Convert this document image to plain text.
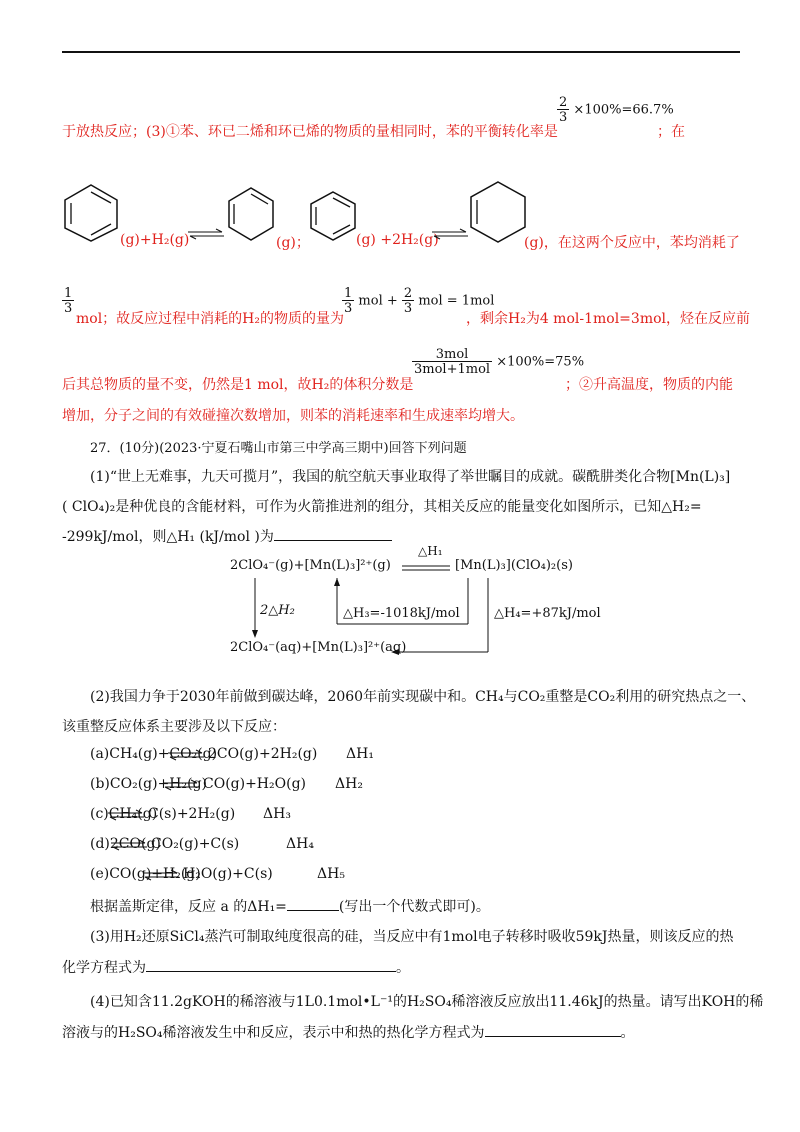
于放热反应；(3)①苯、环已二烯和环已烯的物质的量相同时，苯的平衡转化率是
$\frac{2}{3} \times 100\%=66.7\%$
；在
(g)+H₂(g)	(g)；	(g) +2H₂(g)	(g)，在这两个反应中，苯均消耗了
$\frac{1}{3}$
mol；故反应过程中消耗的H₂的物质的量为
$\frac{1}{3}$ mol + $\frac{2}{3}$ mol = 1mol
，剩余H₂为4 mol-1mol=3mol，烃在反应前
后其总物质的量不变，仍然是1 mol，故H₂的体积分数是
$\frac{\text{3mol}}{\text{3mol+1mol}} \times 100\%=75\%$
；②升高温度，物质的内能
增加，分子之间的有效碰撞次数增加，则苯的消耗速率和生成速率均增大。
27．(10分)(2023·宁夏石嘴山市第三中学高三期中)回答下列问题
(1)“世上无难事，九天可揽月”，我国的航空航天事业取得了举世瞩目的成就。碳酰肼类化合物[Mn(L)₃]
( ClO₄)₂是种优良的含能材料，可作为火箭推进剂的组分，其相关反应的能量变化如图所示，已知△H₂=
-299kJ/mol，则△H₁ (kJ/mol )为
2ClO₄⁻(g)+[Mn(L)₃]²⁺(g)
△H₁
[Mn(L)₃](ClO₄)₂(s)
2△H₂	△H₃=-1018kJ/mol	△H₄=+87kJ/mol
2ClO₄⁻(aq)+[Mn(L)₃]²⁺(aq)
(2)我国力争于2030年前做到碳达峰，2060年前实现碳中和。CH₄与CO₂重整是CO₂利用的研究热点之一、
该重整反应体系主要涉及以下反应：
(a)CH₄(g)+CO₂(g)
2CO(g)+2H₂(g) ΔH₁
(b)CO₂(g)+H₂(g)
CO(g)+H₂O(g) ΔH₂
(c)CH₄(g)
C(s)+2H₂(g) ΔH₃
(d)2CO(g)
CO₂(g)+C(s)	ΔH₄
(e)CO(g)+H₂(g)
H₂O(g)+C(s)	ΔH₅
根据盖斯定律，反应 a 的ΔH₁=	(写出一个代数式即可)。
(3)用H₂还原SiCl₄蒸汽可制取纯度很高的硅，当反应中有1mol电子转移时吸收59kJ热量，则该反应的热
化学方程式为	。
(4)已知含11.2gKOH的稀溶液与1L0.1mol•L⁻¹的H₂SO₄稀溶液反应放出11.46kJ的热量。请写出KOH的稀
溶液与的H₂SO₄稀溶液发生中和反应，表示中和热的热化学方程式为	。
